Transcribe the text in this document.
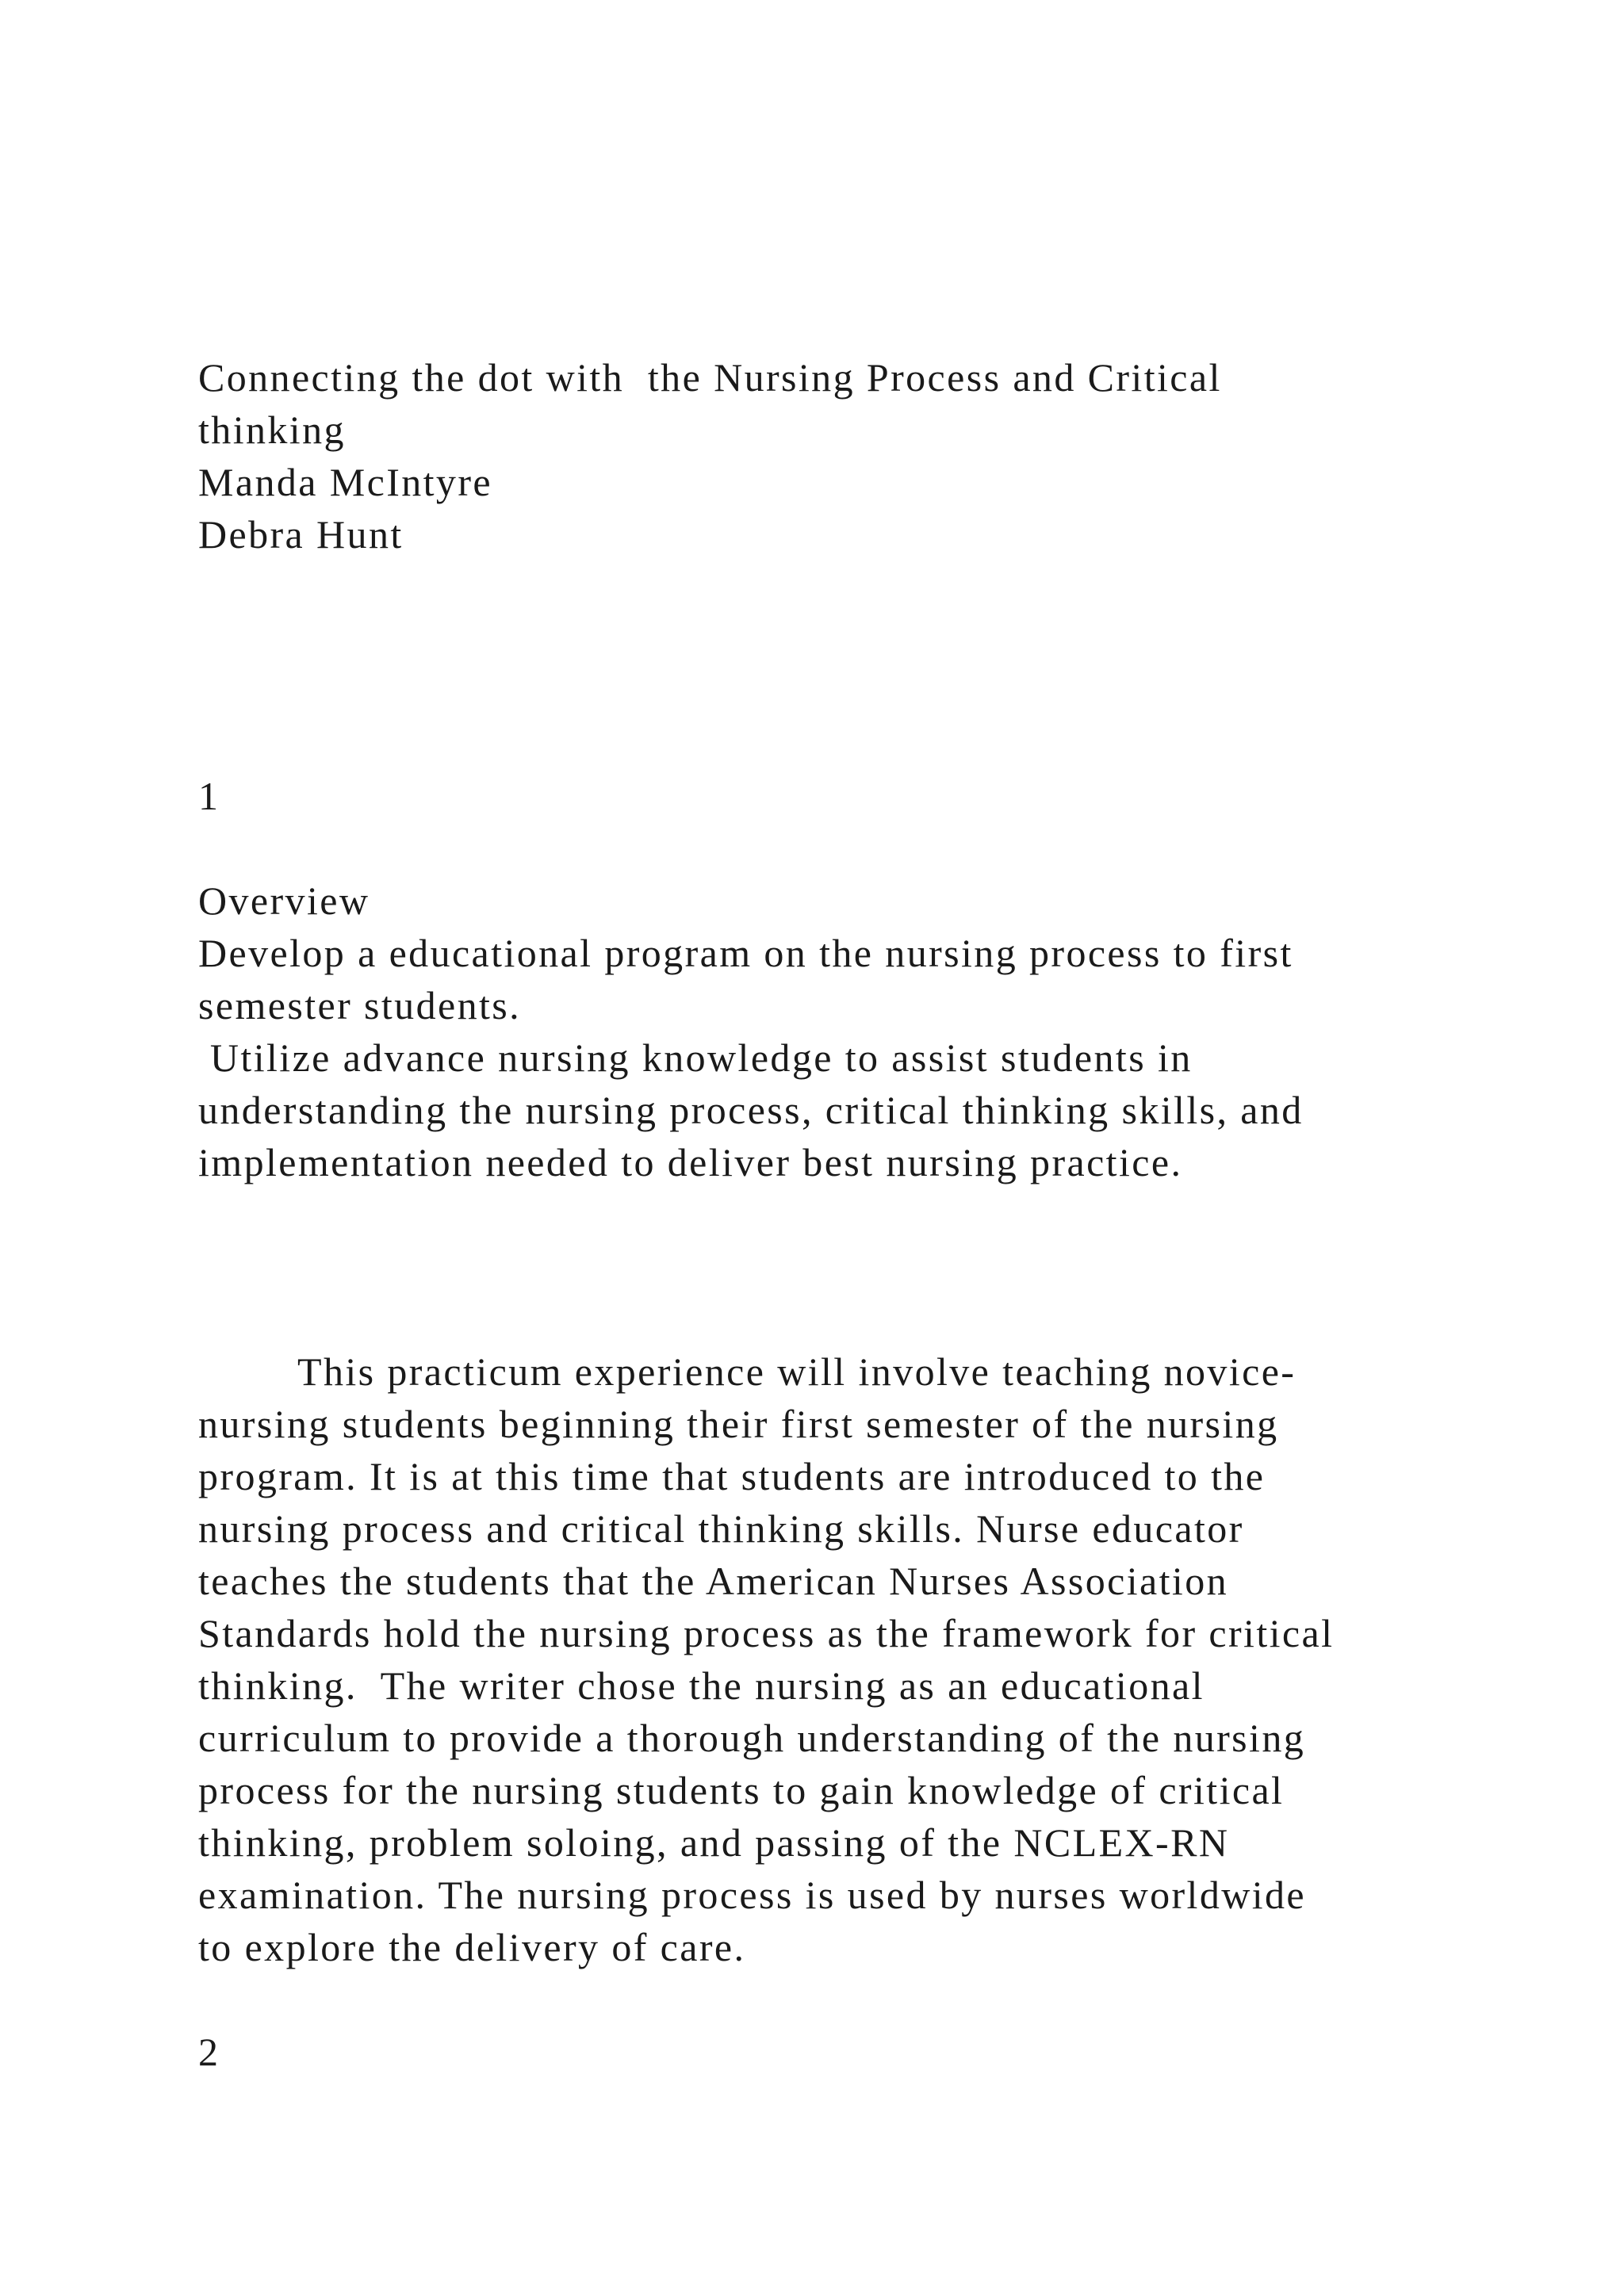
Connecting the dot with  the Nursing Process and Critical
thinking
Manda McIntyre
Debra Hunt
1
Overview
Develop a educational program on the nursing process to first
semester students.
Utilize advance nursing knowledge to assist students in
understanding the nursing process, critical thinking skills, and
implementation needed to deliver best nursing practice.
This practicum experience will involve teaching novice-
nursing students beginning their first semester of the nursing
program. It is at this time that students are introduced to the
nursing process and critical thinking skills. Nurse educator
teaches the students that the American Nurses Association
Standards hold the nursing process as the framework for critical
thinking.  The writer chose the nursing as an educational
curriculum to provide a thorough understanding of the nursing
process for the nursing students to gain knowledge of critical
thinking, problem soloing, and passing of the NCLEX-RN
examination. The nursing process is used by nurses worldwide
to explore the delivery of care.
2
